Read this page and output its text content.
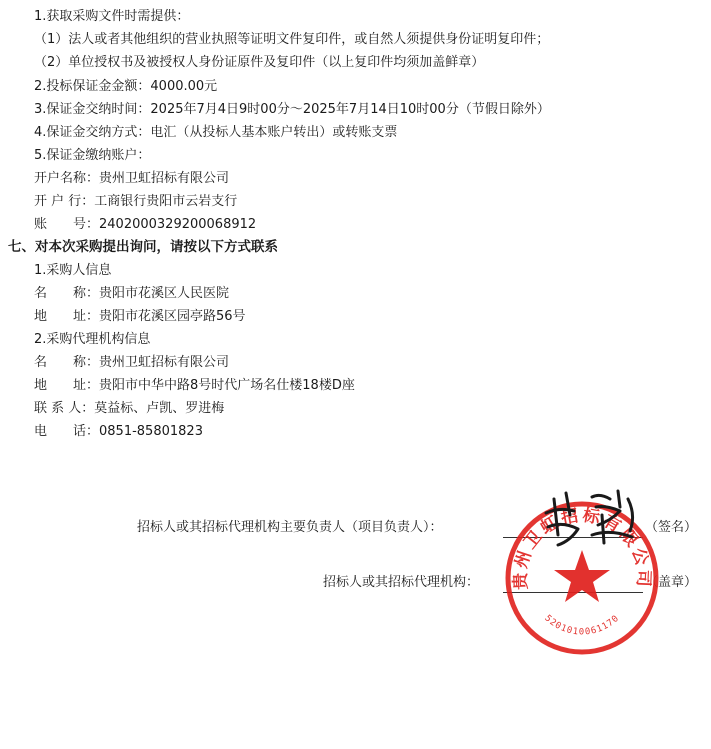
1.获取采购文件时需提供：
（1）法人或者其他组织的营业执照等证明文件复印件，或自然人须提供身份证明复印件；
（2）单位授权书及被授权人身份证原件及复印件（以上复印件均须加盖鲜章）
2.投标保证金金额：4000.00元
3.保证金交纳时间：2025年7月4日9时00分～2025年7月14日10时00分（节假日除外）
4.保证金交纳方式：电汇（从投标人基本账户转出）或转账支票
5.保证金缴纳账户：
开户名称：贵州卫虹招标有限公司
开 户 行：工商银行贵阳市云岩支行
账　　号：2402000329200068912
七、对本次采购提出询问，请按以下方式联系
1.采购人信息
名　　称：贵阳市花溪区人民医院
地　　址：贵阳市花溪区园亭路56号
2.采购代理机构信息
名　　称：贵州卫虹招标有限公司
地　　址：贵阳市中华中路8号时代广场名仕楼18楼D座
联 系 人：莫益标、卢凯、罗进梅
电　　话：0851-85801823
招标人或其招标代理机构主要负责人（项目负责人）：	（签名）
招标人或其招标代理机构：	（盖章）
贵州卫虹招标有限公司
5201010061170
